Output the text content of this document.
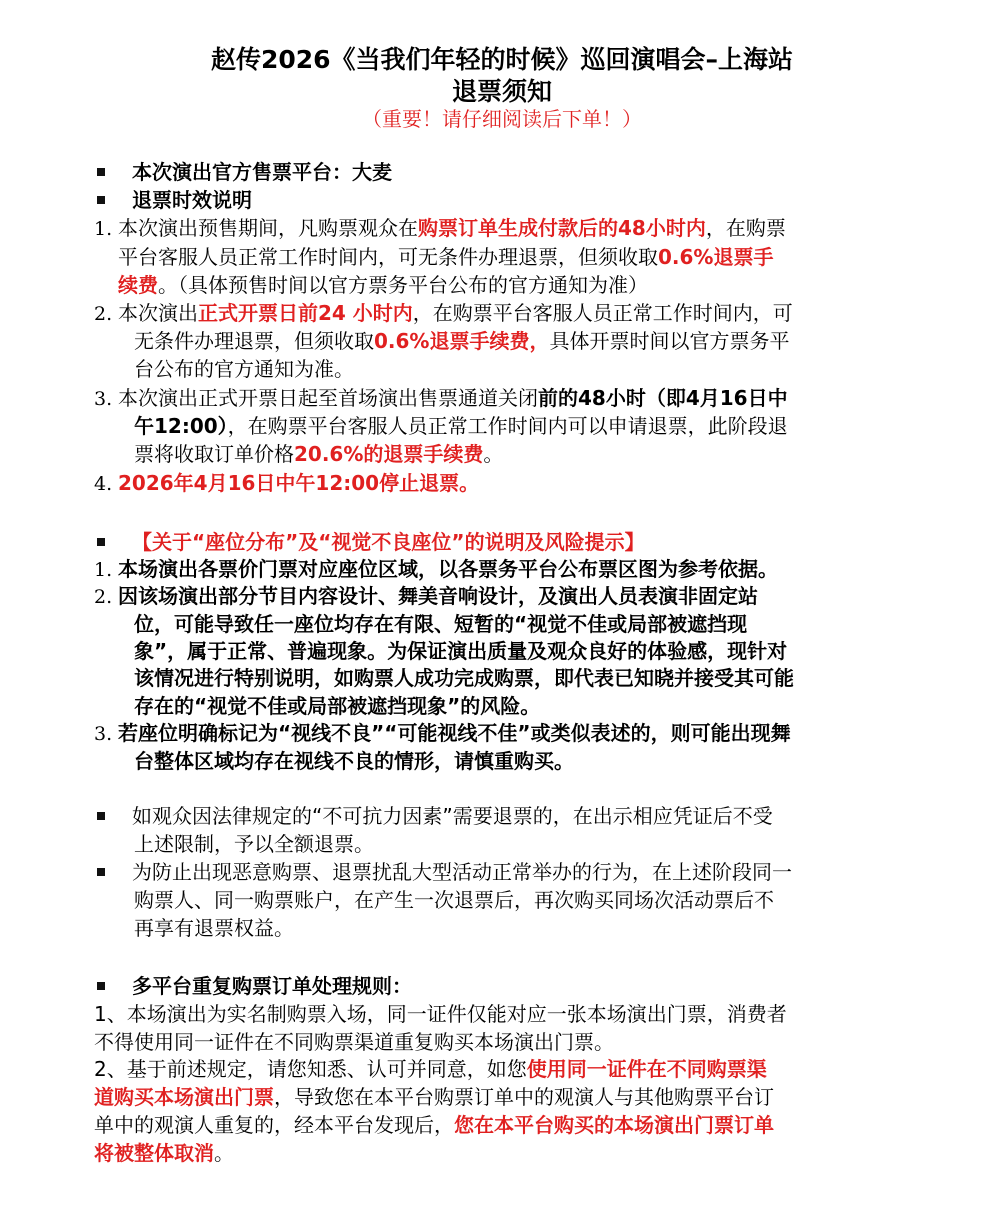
赵传2026《当我们年轻的时候》巡回演唱会–上海站
退票须知
（重要！请仔细阅读后下单！）
本次演出官方售票平台：大麦
退票时效说明
1. 本次演出预售期间，凡购票观众在购票订单生成付款后的48小时内，在购票
平台客服人员正常工作时间内，可无条件办理退票，但须收取0.6%退票手
续费。（具体预售时间以官方票务平台公布的官方通知为准）
2. 本次演出正式开票日前24 小时内，在购票平台客服人员正常工作时间内，可
无条件办理退票，但须收取0.6%退票手续费，具体开票时间以官方票务平
台公布的官方通知为准。
3. 本次演出正式开票日起至首场演出售票通道关闭前的48小时（即4月16日中
午12:00），在购票平台客服人员正常工作时间内可以申请退票，此阶段退
票将收取订单价格20.6%的退票手续费。
4. 2026年4月16日中午12:00停止退票。
【关于“座位分布”及“视觉不良座位”的说明及风险提示】
1. 本场演出各票价门票对应座位区域，以各票务平台公布票区图为参考依据。
2. 因该场演出部分节目内容设计、舞美音响设计，及演出人员表演非固定站
位，可能导致任一座位均存在有限、短暂的“视觉不佳或局部被遮挡现
象”，属于正常、普遍现象。为保证演出质量及观众良好的体验感，现针对
该情况进行特别说明，如购票人成功完成购票，即代表已知晓并接受其可能
存在的“视觉不佳或局部被遮挡现象”的风险。
3. 若座位明确标记为“视线不良”“可能视线不佳”或类似表述的，则可能出现舞
台整体区域均存在视线不良的情形，请慎重购买。
如观众因法律规定的“不可抗力因素”需要退票的，在出示相应凭证后不受
上述限制，予以全额退票。
为防止出现恶意购票、退票扰乱大型活动正常举办的行为，在上述阶段同一
购票人、同一购票账户，在产生一次退票后，再次购买同场次活动票后不
再享有退票权益。
多平台重复购票订单处理规则：
1、本场演出为实名制购票入场，同一证件仅能对应一张本场演出门票，消费者
不得使用同一证件在不同购票渠道重复购买本场演出门票。
2、基于前述规定，请您知悉、认可并同意，如您使用同一证件在不同购票渠
道购买本场演出门票，导致您在本平台购票订单中的观演人与其他购票平台订
单中的观演人重复的，经本平台发现后，您在本平台购买的本场演出门票订单
将被整体取消。
